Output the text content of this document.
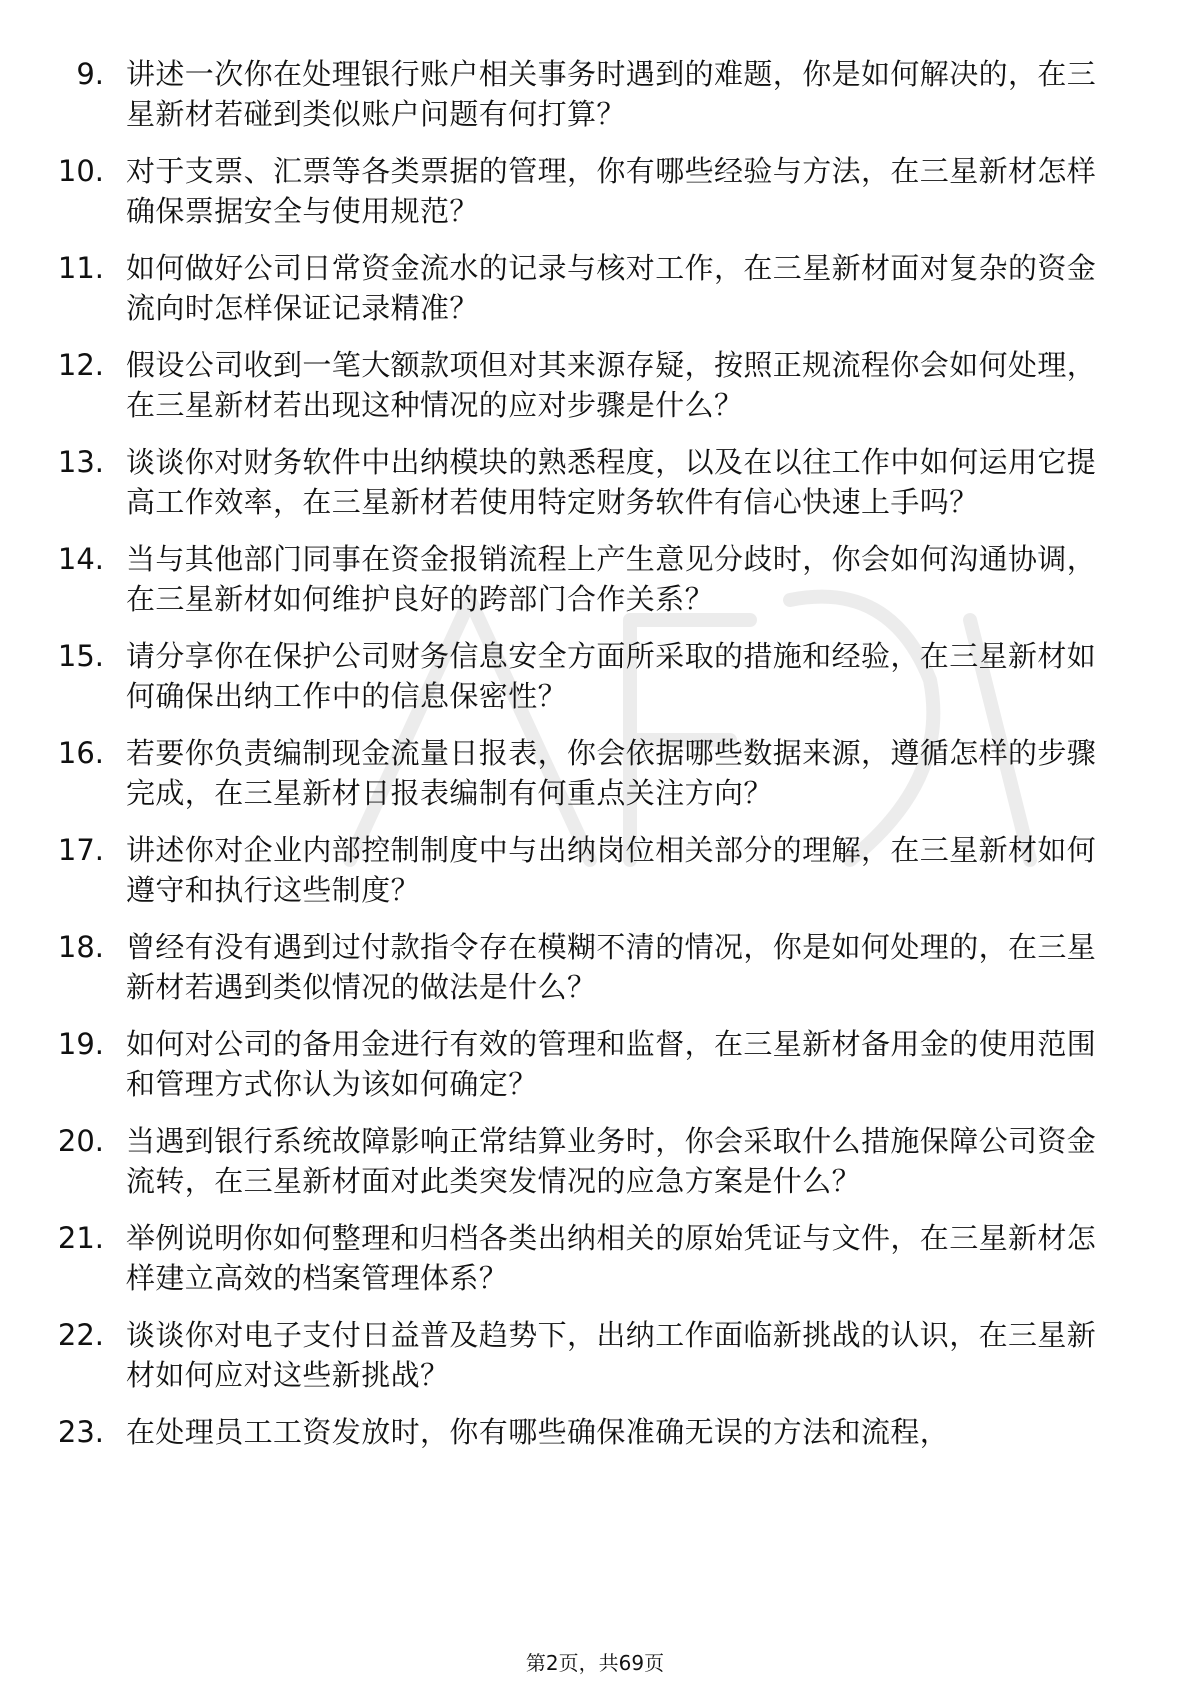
9. 讲述一次你在处理银行账户相关事务时遇到的难题，你是如何解决的，在三星新材若碰到类似账户问题有何打算？
10. 对于支票、汇票等各类票据的管理，你有哪些经验与方法，在三星新材怎样确保票据安全与使用规范？
11. 如何做好公司日常资金流水的记录与核对工作，在三星新材面对复杂的资金流向时怎样保证记录精准？
12. 假设公司收到一笔大额款项但对其来源存疑，按照正规流程你会如何处理，在三星新材若出现这种情况的应对步骤是什么？
13. 谈谈你对财务软件中出纳模块的熟悉程度，以及在以往工作中如何运用它提高工作效率，在三星新材若使用特定财务软件有信心快速上手吗？
14. 当与其他部门同事在资金报销流程上产生意见分歧时，你会如何沟通协调，在三星新材如何维护良好的跨部门合作关系？
15. 请分享你在保护公司财务信息安全方面所采取的措施和经验，在三星新材如何确保出纳工作中的信息保密性？
16. 若要你负责编制现金流量日报表，你会依据哪些数据来源，遵循怎样的步骤完成，在三星新材日报表编制有何重点关注方向？
17. 讲述你对企业内部控制制度中与出纳岗位相关部分的理解，在三星新材如何遵守和执行这些制度？
18. 曾经有没有遇到过付款指令存在模糊不清的情况，你是如何处理的，在三星新材若遇到类似情况的做法是什么？
19. 如何对公司的备用金进行有效的管理和监督，在三星新材备用金的使用范围和管理方式你认为该如何确定？
20. 当遇到银行系统故障影响正常结算业务时，你会采取什么措施保障公司资金流转，在三星新材面对此类突发情况的应急方案是什么？
21. 举例说明你如何整理和归档各类出纳相关的原始凭证与文件，在三星新材怎样建立高效的档案管理体系？
22. 谈谈你对电子支付日益普及趋势下，出纳工作面临新挑战的认识，在三星新材如何应对这些新挑战？
23. 在处理员工工资发放时，你有哪些确保准确无误的方法和流程，
第2页，共69页
